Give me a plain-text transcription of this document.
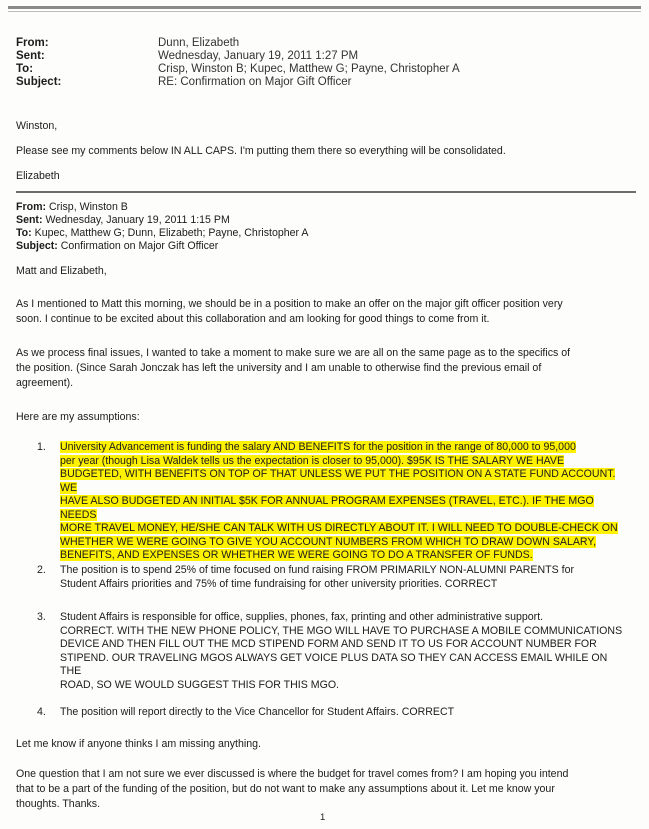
From:	Dunn, Elizabeth
Sent:	Wednesday, January 19, 2011 1:27 PM
To:	Crisp, Winston B; Kupec, Matthew G; Payne, Christopher A
Subject:	RE: Confirmation on Major Gift Officer

Winston,

Please see my comments below IN ALL CAPS. I'm putting them there so everything will be consolidated.

Elizabeth

From: Crisp, Winston B
Sent: Wednesday, January 19, 2011 1:15 PM
To: Kupec, Matthew G; Dunn, Elizabeth; Payne, Christopher A
Subject: Confirmation on Major Gift Officer

Matt and Elizabeth,

As I mentioned to Matt this morning, we should be in a position to make an offer on the major gift officer position very
soon. I continue to be excited about this collaboration and am looking for good things to come from it.
As we process final issues, I wanted to take a moment to make sure we are all on the same page as to the specifics of
the position. (Since Sarah Jonczak has left the university and I am unable to otherwise find the previous email of
agreement).

Here are my assumptions:

1.	University Advancement is funding the salary AND BENEFITS for the position in the range of 80,000 to 95,000
per year (though Lisa Waldek tells us the expectation is closer to 95,000). $95K IS THE SALARY WE HAVE
BUDGETED, WITH BENEFITS ON TOP OF THAT UNLESS WE PUT THE POSITION ON A STATE FUND ACCOUNT. WE
HAVE ALSO BUDGETED AN INITIAL $5K FOR ANNUAL PROGRAM EXPENSES (TRAVEL, ETC.). IF THE MGO NEEDS
MORE TRAVEL MONEY, HE/SHE CAN TALK WITH US DIRECTLY ABOUT IT. I WILL NEED TO DOUBLE-CHECK ON
WHETHER WE WERE GOING TO GIVE YOU ACCOUNT NUMBERS FROM WHICH TO DRAW DOWN SALARY,
BENEFITS, AND EXPENSES OR WHETHER WE WERE GOING TO DO A TRANSFER OF FUNDS.
2.	The position is to spend 25% of time focused on fund raising FROM PRIMARILY NON-ALUMNI PARENTS for
Student Affairs priorities and 75% of time fundraising for other university priorities. CORRECT
3.	Student Affairs is responsible for office, supplies, phones, fax, printing and other administrative support.
CORRECT. WITH THE NEW PHONE POLICY, THE MGO WILL HAVE TO PURCHASE A MOBILE COMMUNICATIONS
DEVICE AND THEN FILL OUT THE MCD STIPEND FORM AND SEND IT TO US FOR ACCOUNT NUMBER FOR
STIPEND. OUR TRAVELING MGOS ALWAYS GET VOICE PLUS DATA SO THEY CAN ACCESS EMAIL WHILE ON THE
ROAD, SO WE WOULD SUGGEST THIS FOR THIS MGO.
4.	The position will report directly to the Vice Chancellor for Student Affairs. CORRECT

Let me know if anyone thinks I am missing anything.

One question that I am not sure we ever discussed is where the budget for travel comes from? I am hoping you intend
that to be a part of the funding of the position, but do not want to make any assumptions about it. Let me know your
thoughts. Thanks.
1
